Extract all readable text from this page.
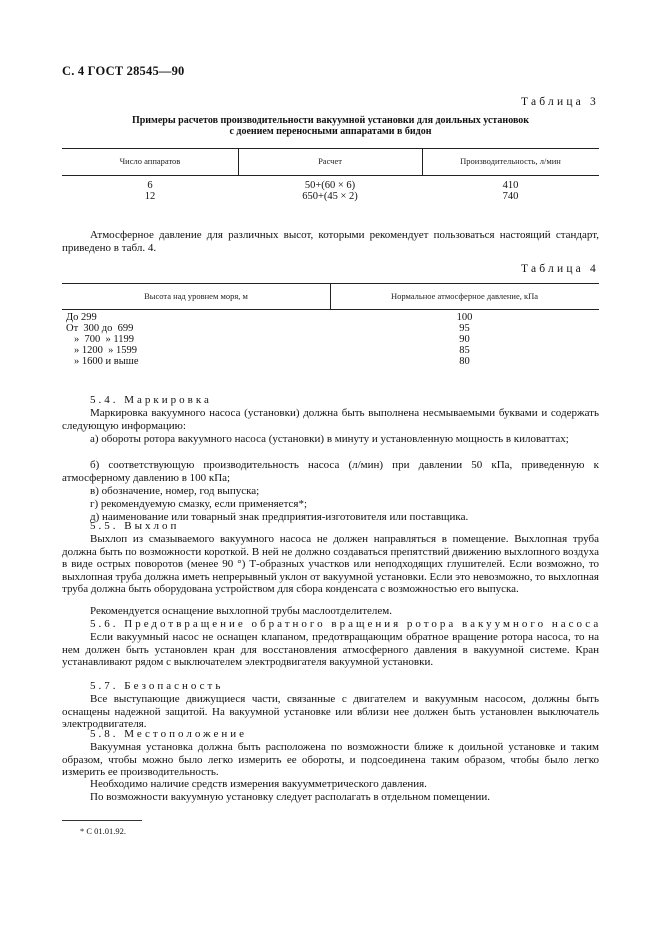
С. 4 ГОСТ 28545—90
Таблица 3
Примеры расчетов производительности вакуумной установки для доильных установок
с доением переносными аппаратами в бидон
Число аппаратов	Расчет	Производительность, л/мин
6	50+(60 × 6)	410
12	650+(45 × 2)	740
Атмосферное давление для различных высот, которыми рекомендует пользоваться настоящий стандарт, приведено в табл. 4.
Таблица 4
Высота над уровнем моря, м	Нормальное атмосферное давление, кПа
До 299	100
От  300 до  699	95
»  700  » 1199	90
» 1200  » 1599	85
» 1600 и выше	80
5.4. Маркировка
Маркировка вакуумного насоса (установки) должна быть выполнена несмываемыми буквами и содержать следующую информацию:
а) обороты ротора вакуумного насоса (установки) в минуту и установленную мощность в киловаттах;
б) соответствующую производительность насоса (л/мин) при давлении 50 кПа, приведенную к атмосферному давлению в 100 кПа;
в) обозначение, номер, год выпуска;
г) рекомендуемую смазку, если применяется*;
д) наименование или товарный знак предприятия-изготовителя или поставщика.
5.5. Выхлоп
Выхлоп из смазываемого вакуумного насоса не должен направляться в помещение. Выхлопная труба должна быть по возможности короткой. В ней не должно создаваться препятствий движению выхлопного воздуха в виде острых поворотов (менее 90 °) Т-образных участков или неподходящих глушителей. Если возможно, то выхлопная труба должна иметь непрерывный уклон от вакуумной установки. Если это невозможно, то выхлопная труба должна быть оборудована устройством для сбора конденсата с возможностью его выпуска.
Рекомендуется оснащение выхлопной трубы маслоотделителем.
5.6. Предотвращение обратного вращения ротора вакуумного насоса
Если вакуумный насос не оснащен клапаном, предотвращающим обратное вращение ротора насоса, то на нем должен быть установлен кран для восстановления атмосферного давления в вакуумной системе. Кран устанавливают рядом с выключателем электродвигателя вакуумной установки.
5.7. Безопасность
Все выступающие движущиеся части, связанные с двигателем и вакуумным насосом, должны быть оснащены надежной защитой. На вакуумной установке или вблизи нее должен быть установлен выключатель электродвигателя.
5.8. Местоположение
Вакуумная установка должна быть расположена по возможности ближе к доильной установке и таким образом, чтобы можно было легко измерить ее обороты, и подсоединена таким образом, чтобы было легко измерить ее производительность.
Необходимо наличие средств измерения вакуумметрического давления.
По возможности вакуумную установку следует располагать в отдельном помещении.
* С 01.01.92.
